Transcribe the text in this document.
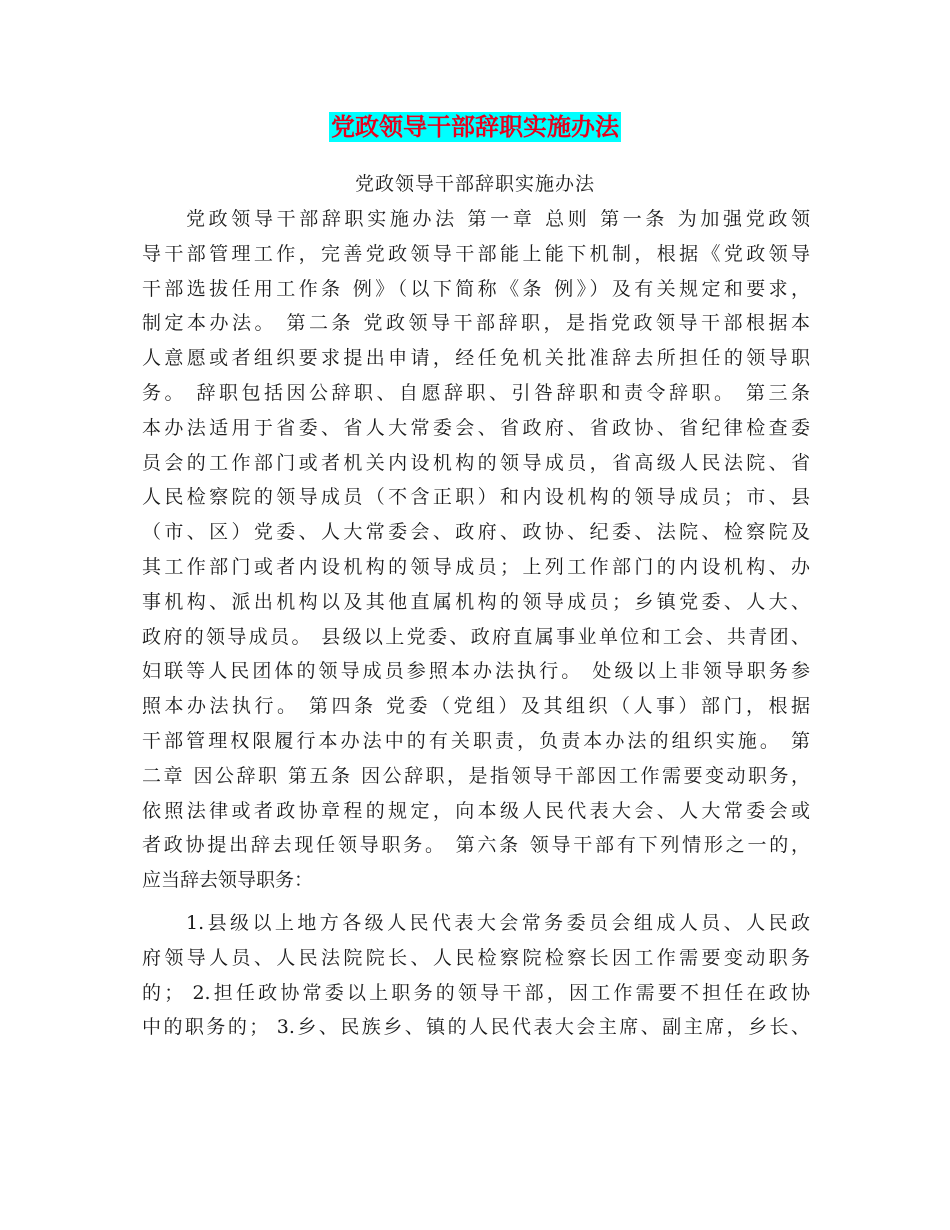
党政领导干部辞职实施办法
党政领导干部辞职实施办法
党政领导干部辞职实施办法 第一章 总则 第一条 为加强党政领
导干部管理工作，完善党政领导干部能上能下机制，根据《党政领导
干部选拔任用工作条 例》（以下简称《条 例》）及有关规定和要求，
制定本办法。 第二条 党政领导干部辞职，是指党政领导干部根据本
人意愿或者组织要求提出申请，经任免机关批准辞去所担任的领导职
务。 辞职包括因公辞职、自愿辞职、引咎辞职和责令辞职。 第三条
本办法适用于省委、省人大常委会、省政府、省政协、省纪律检查委
员会的工作部门或者机关内设机构的领导成员，省高级人民法院、省
人民检察院的领导成员（不含正职）和内设机构的领导成员；市、县
（市、区）党委、人大常委会、政府、政协、纪委、法院、检察院及
其工作部门或者内设机构的领导成员；上列工作部门的内设机构、办
事机构、派出机构以及其他直属机构的领导成员；乡镇党委、人大、
政府的领导成员。 县级以上党委、政府直属事业单位和工会、共青团、
妇联等人民团体的领导成员参照本办法执行。 处级以上非领导职务参
照本办法执行。 第四条 党委（党组）及其组织（人事）部门，根据
干部管理权限履行本办法中的有关职责，负责本办法的组织实施。 第
二章 因公辞职 第五条 因公辞职，是指领导干部因工作需要变动职务，
依照法律或者政协章程的规定，向本级人民代表大会、人大常委会或
者政协提出辞去现任领导职务。 第六条 领导干部有下列情形之一的，
应当辞去领导职务：
1.县级以上地方各级人民代表大会常务委员会组成人员、人民政
府领导人员、人民法院院长、人民检察院检察长因工作需要变动职务
的； 2.担任政协常委以上职务的领导干部，因工作需要不担任在政协
中的职务的； 3.乡、民族乡、镇的人民代表大会主席、副主席，乡长、
